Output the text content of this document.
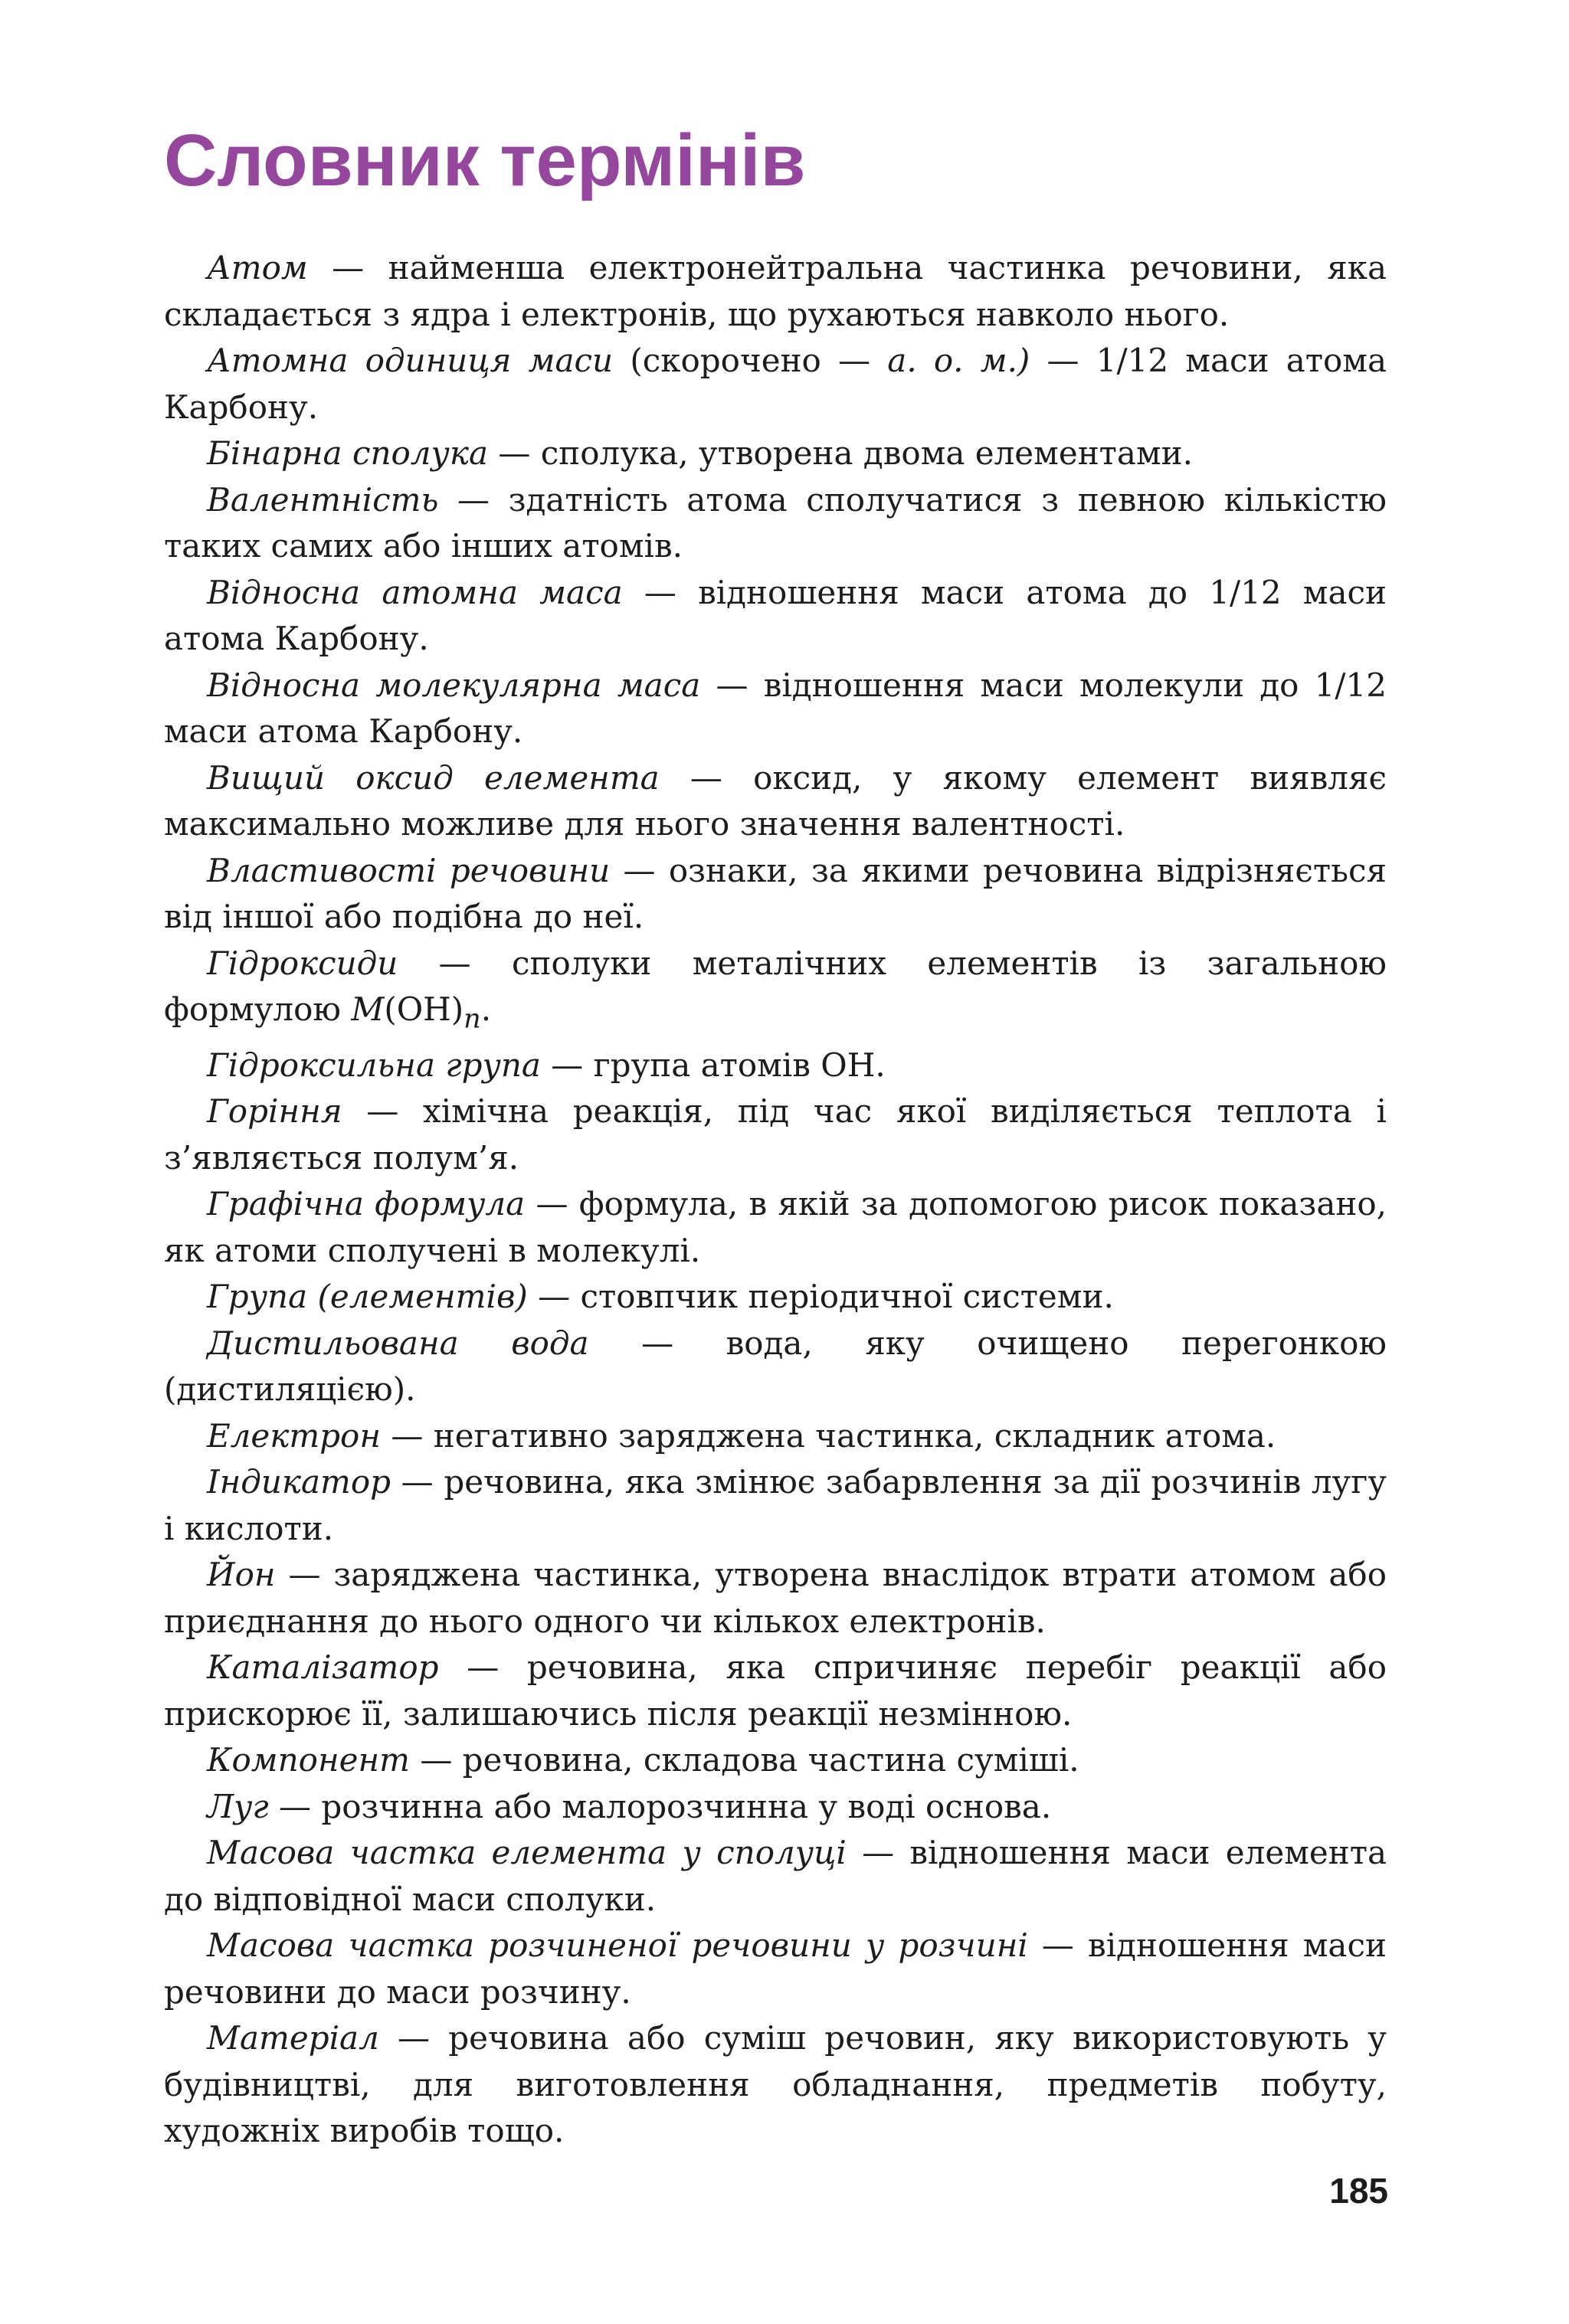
Словник термінів

Атом — найменша електронейтральна частинка речовини, яка складається з ядра і електронів, що рухаються навколо нього.

Атомна одиниця маси (скорочено — а. о. м.) — 1/12 маси атома Карбону.

Бінарна сполука — сполука, утворена двома елементами.

Валентність — здатність атома сполучатися з певною кількістю таких самих або інших атомів.

Відносна атомна маса — відношення маси атома до 1/12 маси атома Карбону.

Відносна молекулярна маса — відношення маси молекули до 1/12 маси атома Карбону.

Вищий оксид елемента — оксид, у якому елемент виявляє максимально можливе для нього значення валентності.

Властивості речовини — ознаки, за якими речовина відрізняється від іншої або подібна до неї.

Гідроксиди — сполуки металічних елементів із загальною формулою $M(OH)_n$.

Гідроксильна група — група атомів OH.

Горіння — хімічна реакція, під час якої виділяється теплота і з’являється полум’я.

Графічна формула — формула, в якій за допомогою рисок показано, як атоми сполучені в молекулі.

Група (елементів) — стовпчик періодичної системи.

Дистильована вода — вода, яку очищено перегонкою (дистиляцією).

Електрон — негативно заряджена частинка, складник атома.

Індикатор — речовина, яка змінює забарвлення за дії розчинів лугу і кислоти.

Йон — заряджена частинка, утворена внаслідок втрати атомом або приєднання до нього одного чи кількох електронів.

Каталізатор — речовина, яка спричиняє перебіг реакції або прискорює її, залишаючись після реакції незмінною.

Компонент — речовина, складова частина суміші.

Луг — розчинна або малорозчинна у воді основа.

Масова частка елемента у сполуці — відношення маси елемента до відповідної маси сполуки.

Масова частка розчиненої речовини у розчині — відношення маси речовини до маси розчину.

Матеріал — речовина або суміш речовин, яку використовують у будівництві, для виготовлення обладнання, предметів побуту, художніх виробів тощо.

185
